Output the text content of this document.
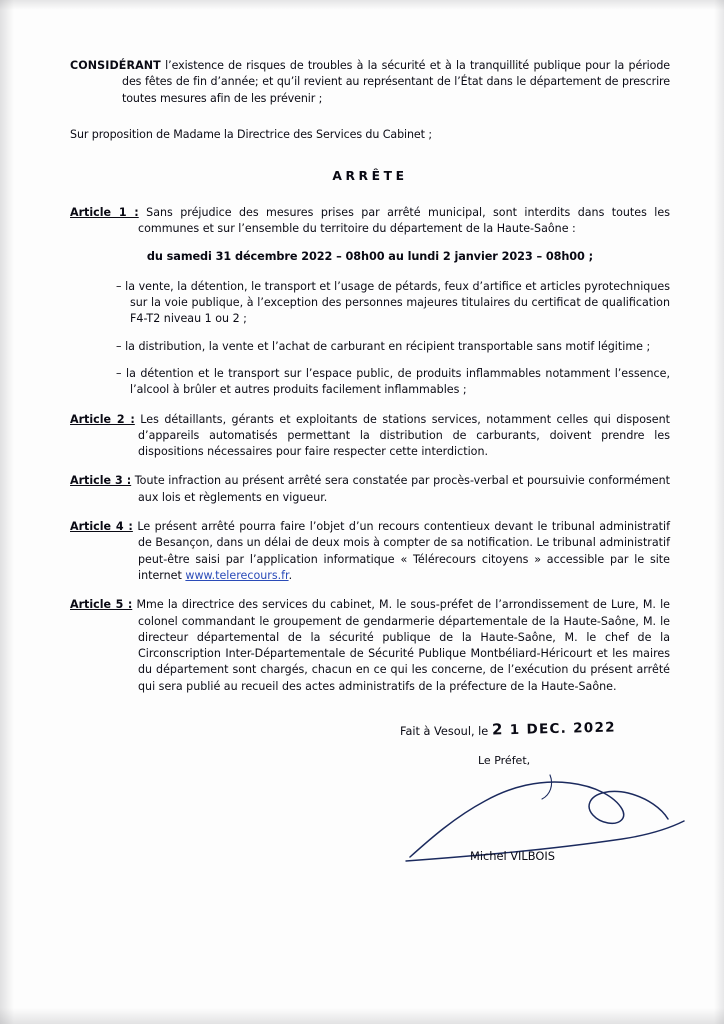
CONSIDÉRANT l’existence de risques de troubles à la sécurité et à la tranquillité publique pour la période des fêtes de fin d’année; et qu’il revient au représentant de l’État dans le département de prescrire toutes mesures afin de les prévenir ;

Sur proposition de Madame la Directrice des Services du Cabinet ;

ARRÊTE
Article 1 : Sans préjudice des mesures prises par arrêté municipal, sont interdits dans toutes les communes et sur l’ensemble du territoire du département de la Haute-Saône :
du samedi 31 décembre 2022 – 08h00 au lundi 2 janvier 2023 – 08h00 ;
– la vente, la détention, le transport et l’usage de pétards, feux d’artifice et articles pyrotechniques sur la voie publique, à l’exception des personnes majeures titulaires du certificat de qualification F4-T2 niveau 1 ou 2 ;
– la distribution, la vente et l’achat de carburant en récipient transportable sans motif légitime ;
– la détention et le transport sur l’espace public, de produits inflammables notamment l’essence, l’alcool à brûler et autres produits facilement inflammables ;
Article 2 : Les détaillants, gérants et exploitants de stations services, notamment celles qui disposent d’appareils automatisés permettant la distribution de carburants, doivent prendre les dispositions nécessaires pour faire respecter cette interdiction.
Article 3 : Toute infraction au présent arrêté sera constatée par procès-verbal et poursuivie conformément aux lois et règlements en vigueur.
Article 4 : Le présent arrêté pourra faire l’objet d’un recours contentieux devant le tribunal administratif de Besançon, dans un délai de deux mois à compter de sa notification. Le tribunal administratif peut-être saisi par l’application informatique « Télérecours citoyens » accessible par le site internet www.telerecours.fr.
Article 5 : Mme la directrice des services du cabinet, M. le sous-préfet de l’arrondissement de Lure, M. le colonel commandant le groupement de gendarmerie départementale de la Haute-Saône, M. le directeur départemental de la sécurité publique de la Haute-Saône, M. le chef de la Circonscription Inter-Départementale de Sécurité Publique Montbéliard-Héricourt et les maires du département sont chargés, chacun en ce qui les concerne, de l’exécution du présent arrêté qui sera publié au recueil des actes administratifs de la préfecture de la Haute-Saône.
Fait à Vesoul, le 2 1 DEC. 2022
Le Préfet,
Michel VILBOIS
